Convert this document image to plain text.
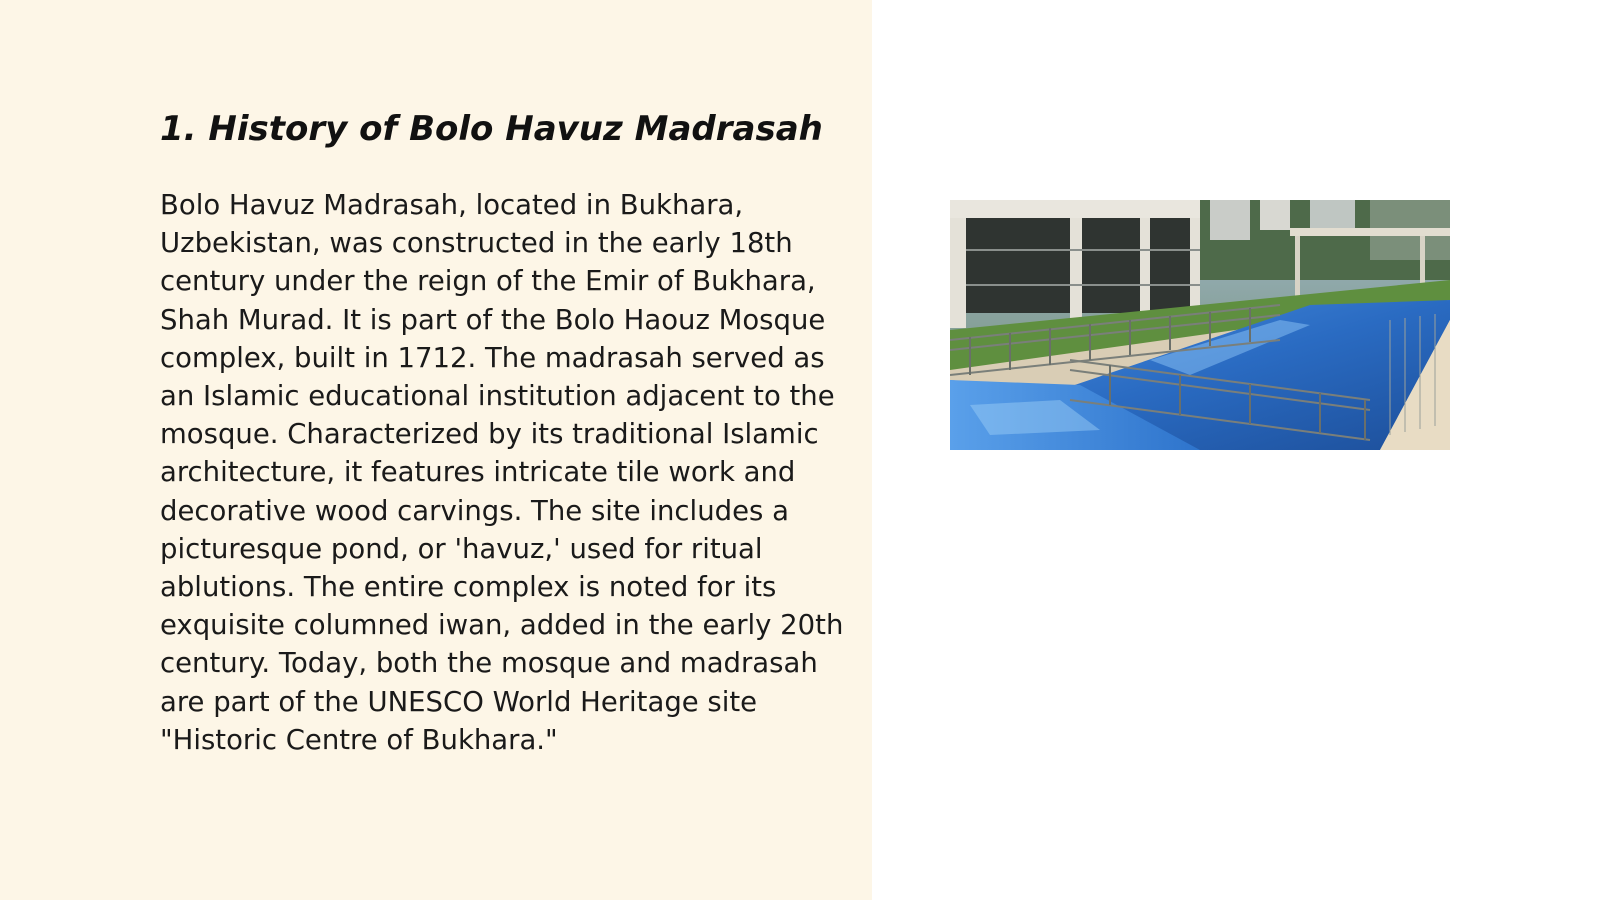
1. History of Bolo Havuz Madrasah

Bolo Havuz Madrasah, located in Bukhara, Uzbekistan, was constructed in the early 18th century under the reign of the Emir of Bukhara, Shah Murad. It is part of the Bolo Haouz Mosque complex, built in 1712. The madrasah served as an Islamic educational institution adjacent to the mosque. Characterized by its traditional Islamic architecture, it features intricate tile work and decorative wood carvings. The site includes a picturesque pond, or 'havuz,' used for ritual ablutions. The entire complex is noted for its exquisite columned iwan, added in the early 20th century. Today, both the mosque and madrasah are part of the UNESCO World Heritage site "Historic Centre of Bukhara."
